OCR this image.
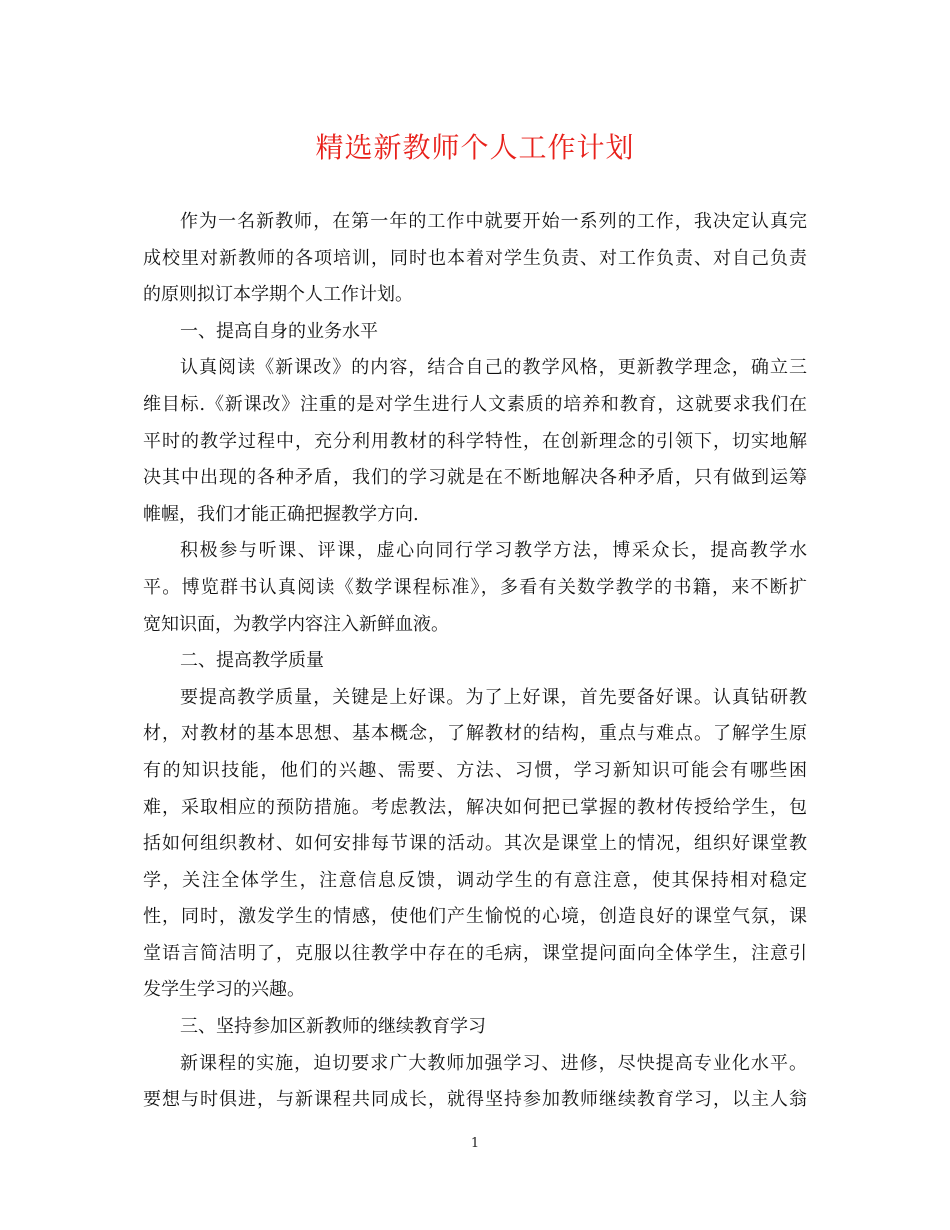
精选新教师个人工作计划
作为一名新教师，在第一年的工作中就要开始一系列的工作，我决定认真完
成校里对新教师的各项培训，同时也本着对学生负责、对工作负责、对自己负责
的原则拟订本学期个人工作计划。
一、提高自身的业务水平
认真阅读《新课改》的内容，结合自己的教学风格，更新教学理念，确立三
维目标.《新课改》注重的是对学生进行人文素质的培养和教育，这就要求我们在
平时的教学过程中，充分利用教材的科学特性，在创新理念的引领下，切实地解
决其中出现的各种矛盾，我们的学习就是在不断地解决各种矛盾，只有做到运筹
帷幄，我们才能正确把握教学方向.
积极参与听课、评课，虚心向同行学习教学方法，博采众长，提高教学水
平。博览群书认真阅读《数学课程标准》，多看有关数学教学的书籍，来不断扩
宽知识面，为教学内容注入新鲜血液。
二、提高教学质量
要提高教学质量，关键是上好课。为了上好课，首先要备好课。认真钻研教
材，对教材的基本思想、基本概念，了解教材的结构，重点与难点。了解学生原
有的知识技能，他们的兴趣、需要、方法、习惯，学习新知识可能会有哪些困
难，采取相应的预防措施。考虑教法，解决如何把已掌握的教材传授给学生，包
括如何组织教材、如何安排每节课的活动。其次是课堂上的情况，组织好课堂教
学，关注全体学生，注意信息反馈，调动学生的有意注意，使其保持相对稳定
性，同时，激发学生的情感，使他们产生愉悦的心境，创造良好的课堂气氛，课
堂语言简洁明了，克服以往教学中存在的毛病，课堂提问面向全体学生，注意引
发学生学习的兴趣。
三、坚持参加区新教师的继续教育学习
新课程的实施，迫切要求广大教师加强学习、进修，尽快提高专业化水平。
要想与时俱进，与新课程共同成长，就得坚持参加教师继续教育学习，以主人翁
1
